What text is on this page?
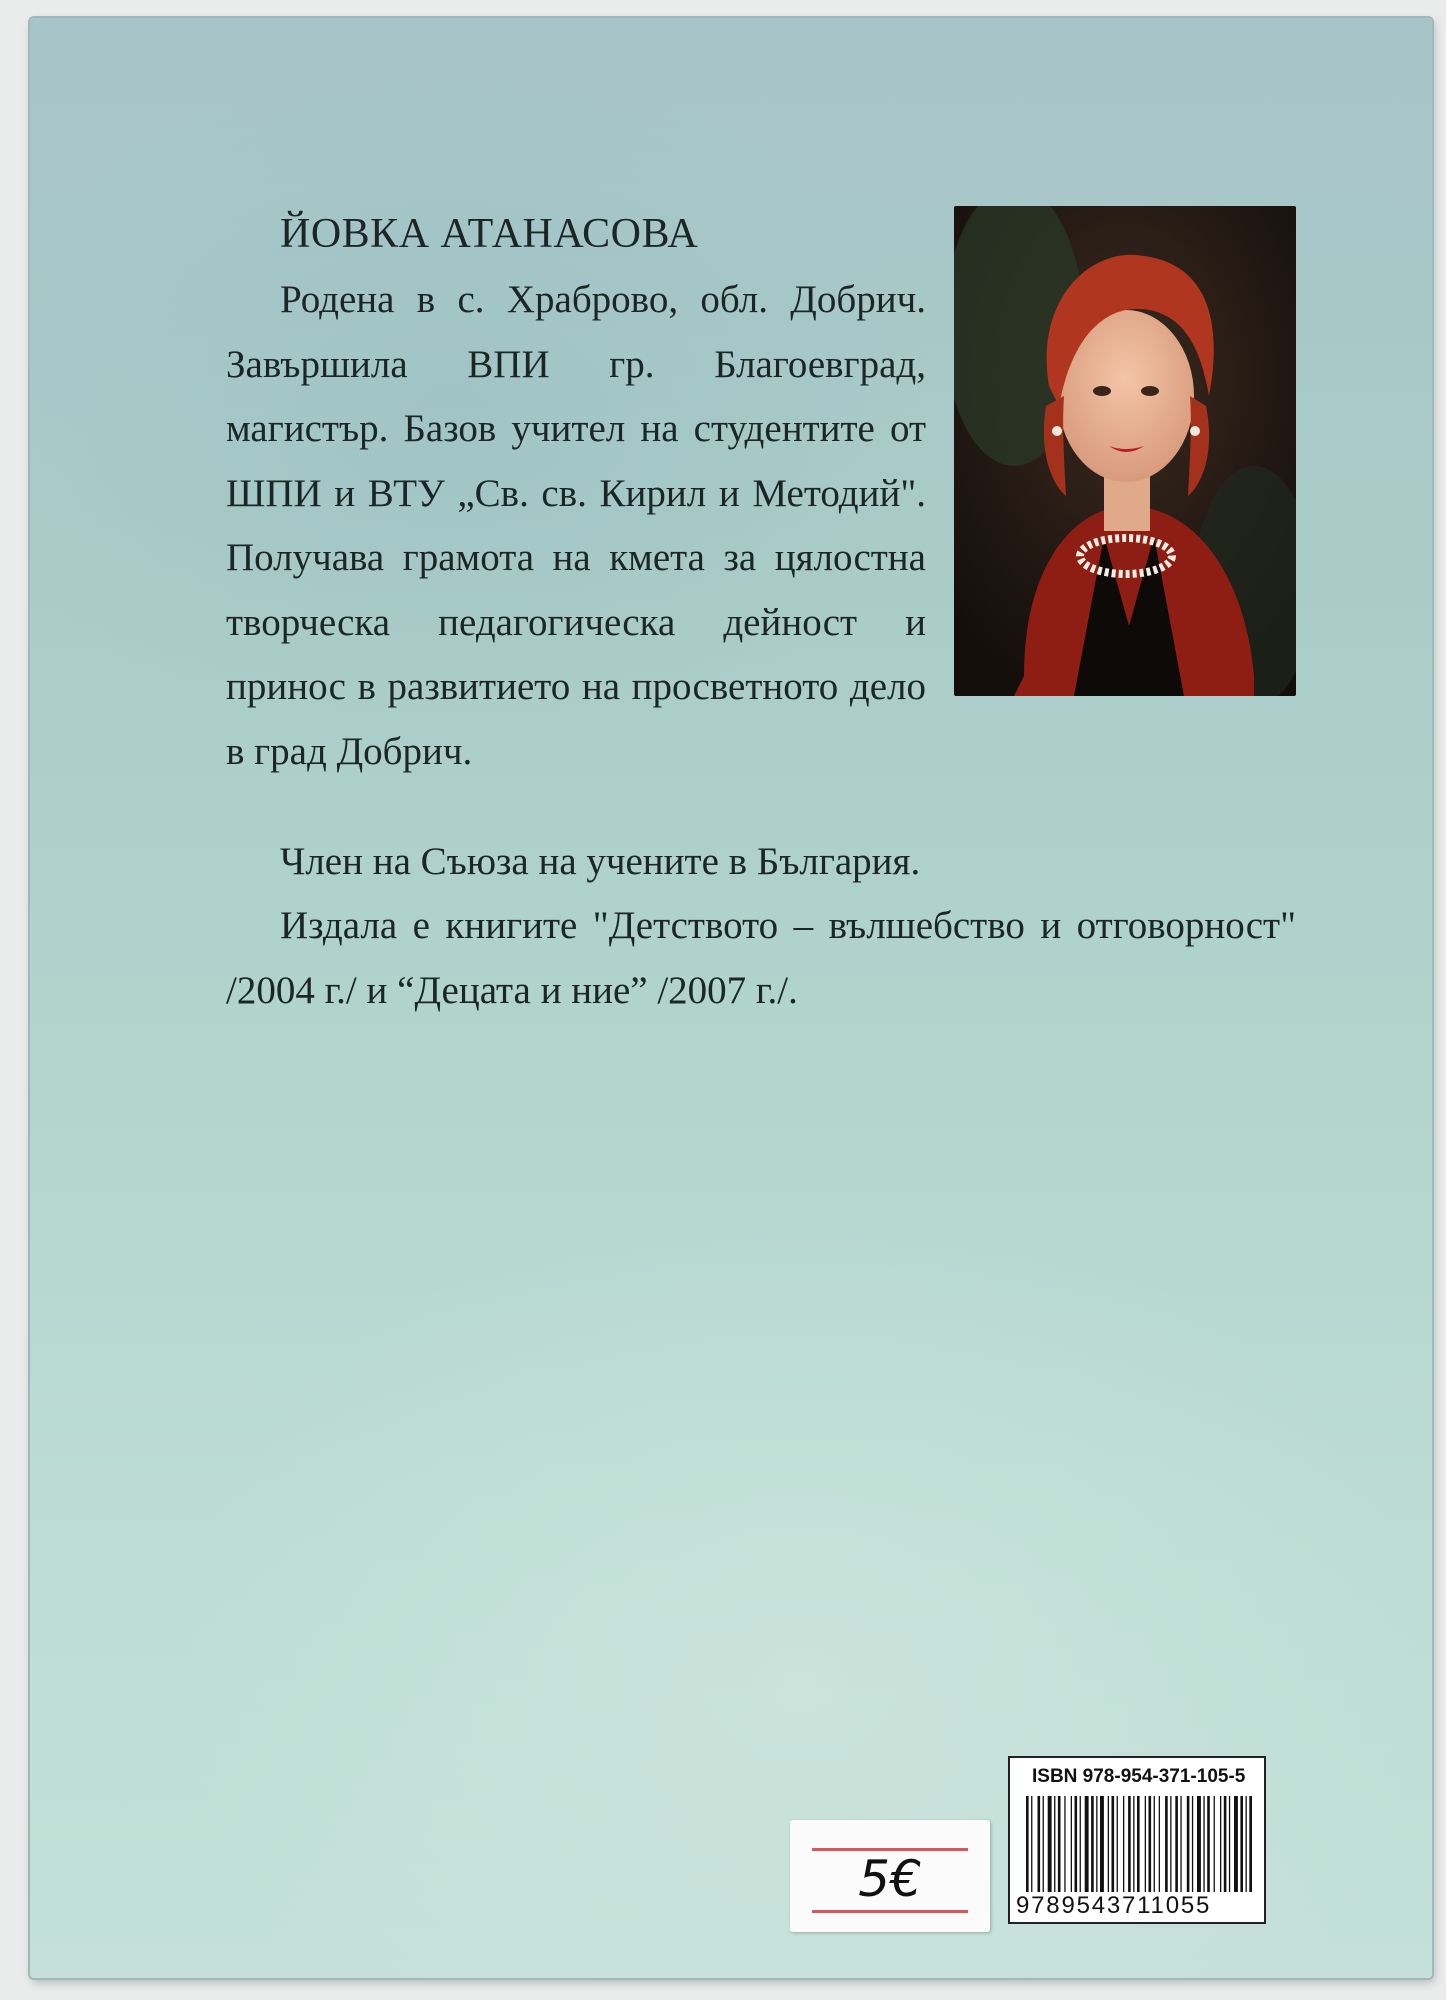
ЙОВКА АТАНАСОВА

Родена в с. Храброво, обл. Добрич. Завършила ВПИ гр. Благоевград, магистър. Базов учител на студентите от ШПИ и ВТУ „Св. св. Кирил и Методий". Получава грамота на кмета за цялостна творческа педагогическа дейност и принос в развитието на просветното дело в град Добрич.

Член на Съюза на учените в България.

Издала е книгите "Детството – вълшебство и отговорност" /2004 г./ и “Децата и ние” /2007 г./.

5€
ISBN 978-954-371-105-5
9789543711055
